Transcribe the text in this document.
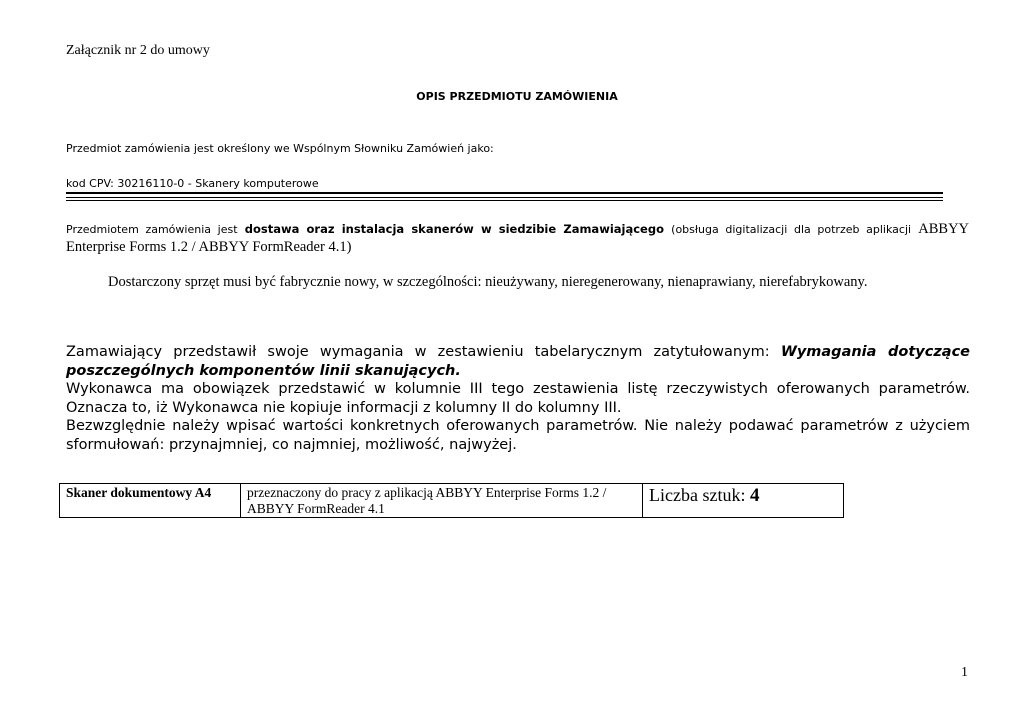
Załącznik nr 2 do umowy
OPIS PRZEDMIOTU ZAMÓWIENIA
Przedmiot zamówienia jest określony we Wspólnym Słowniku Zamówień jako:
kod CPV: 30216110-0 - Skanery komputerowe
Przedmiotem zamówienia jest dostawa oraz instalacja skanerów w siedzibie Zamawiającego (obsługa digitalizacji dla potrzeb aplikacji ABBYY Enterprise Forms 1.2 / ABBYY FormReader 4.1)
Dostarczony sprzęt musi być fabrycznie nowy, w szczególności: nieużywany, nieregenerowany, nienaprawiany, nierefabrykowany.

Zamawiający przedstawił swoje wymagania w zestawieniu tabelarycznym zatytułowanym: Wymagania dotyczące poszczególnych komponentów linii skanujących.

Wykonawca ma obowiązek przedstawić w kolumnie III tego zestawienia listę rzeczywistych oferowanych parametrów. Oznacza to, iż Wykonawca nie kopiuje informacji z kolumny II do kolumny III.

Bezwzględnie należy wpisać wartości konkretnych oferowanych parametrów. Nie należy podawać parametrów z użyciem sformułowań: przynajmniej, co najmniej, możliwość, najwyżej.

Skaner dokumentowy A4	przeznaczony do pracy z aplikacją ABBYY Enterprise Forms 1.2 / ABBYY FormReader 4.1	Liczba sztuk: 4
1
